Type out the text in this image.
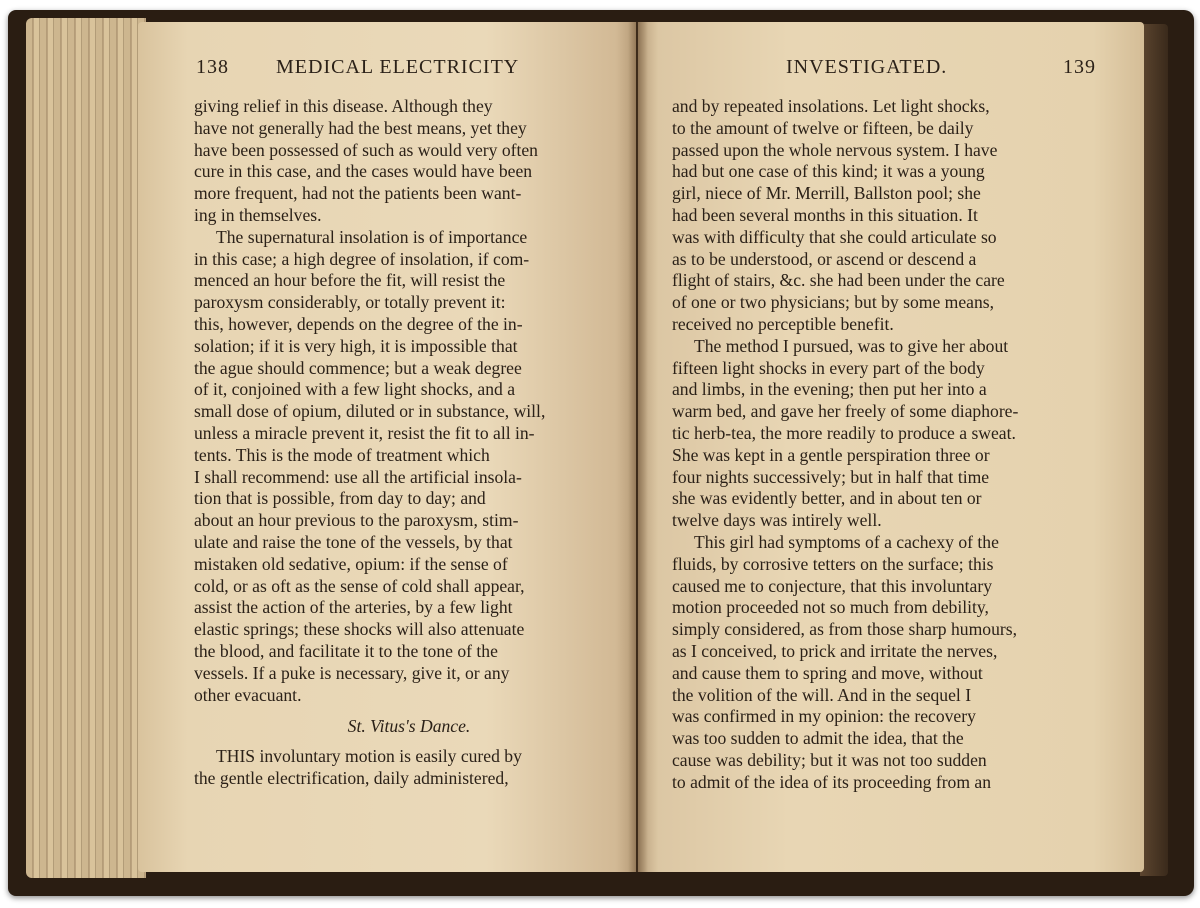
138 MEDICAL ELECTRICITY
giving relief in this disease. Although they
have not generally had the best means, yet they
have been possessed of such as would very often
cure in this case, and the cases would have been
more frequent, had not the patients been want-
ing in themselves.
The supernatural insolation is of importance
in this case; a high degree of insolation, if com-
menced an hour before the fit, will resist the
paroxysm considerably, or totally prevent it:
this, however, depends on the degree of the in-
solation; if it is very high, it is impossible that
the ague should commence; but a weak degree
of it, conjoined with a few light shocks, and a
small dose of opium, diluted or in substance, will,
unless a miracle prevent it, resist the fit to all in-
tents. This is the mode of treatment which
I shall recommend: use all the artificial insola-
tion that is possible, from day to day; and
about an hour previous to the paroxysm, stim-
ulate and raise the tone of the vessels, by that
mistaken old sedative, opium: if the sense of
cold, or as oft as the sense of cold shall appear,
assist the action of the arteries, by a few light
elastic springs; these shocks will also attenuate
the blood, and facilitate it to the tone of the
vessels. If a puke is necessary, give it, or any
other evacuant.
St. Vitus's Dance.
THIS involuntary motion is easily cured by
the gentle electrification, daily administered,
INVESTIGATED.	139
and by repeated insolations. Let light shocks,
to the amount of twelve or fifteen, be daily
passed upon the whole nervous system. I have
had but one case of this kind; it was a young
girl, niece of Mr. Merrill, Ballston pool; she
had been several months in this situation. It
was with difficulty that she could articulate so
as to be understood, or ascend or descend a
flight of stairs, &c. she had been under the care
of one or two physicians; but by some means,
received no perceptible benefit.
The method I pursued, was to give her about
fifteen light shocks in every part of the body
and limbs, in the evening; then put her into a
warm bed, and gave her freely of some diaphore-
tic herb-tea, the more readily to produce a sweat.
She was kept in a gentle perspiration three or
four nights successively; but in half that time
she was evidently better, and in about ten or
twelve days was intirely well.
This girl had symptoms of a cachexy of the
fluids, by corrosive tetters on the surface; this
caused me to conjecture, that this involuntary
motion proceeded not so much from debility,
simply considered, as from those sharp humours,
as I conceived, to prick and irritate the nerves,
and cause them to spring and move, without
the volition of the will. And in the sequel I
was confirmed in my opinion: the recovery
was too sudden to admit the idea, that the
cause was debility; but it was not too sudden
to admit of the idea of its proceeding from an
